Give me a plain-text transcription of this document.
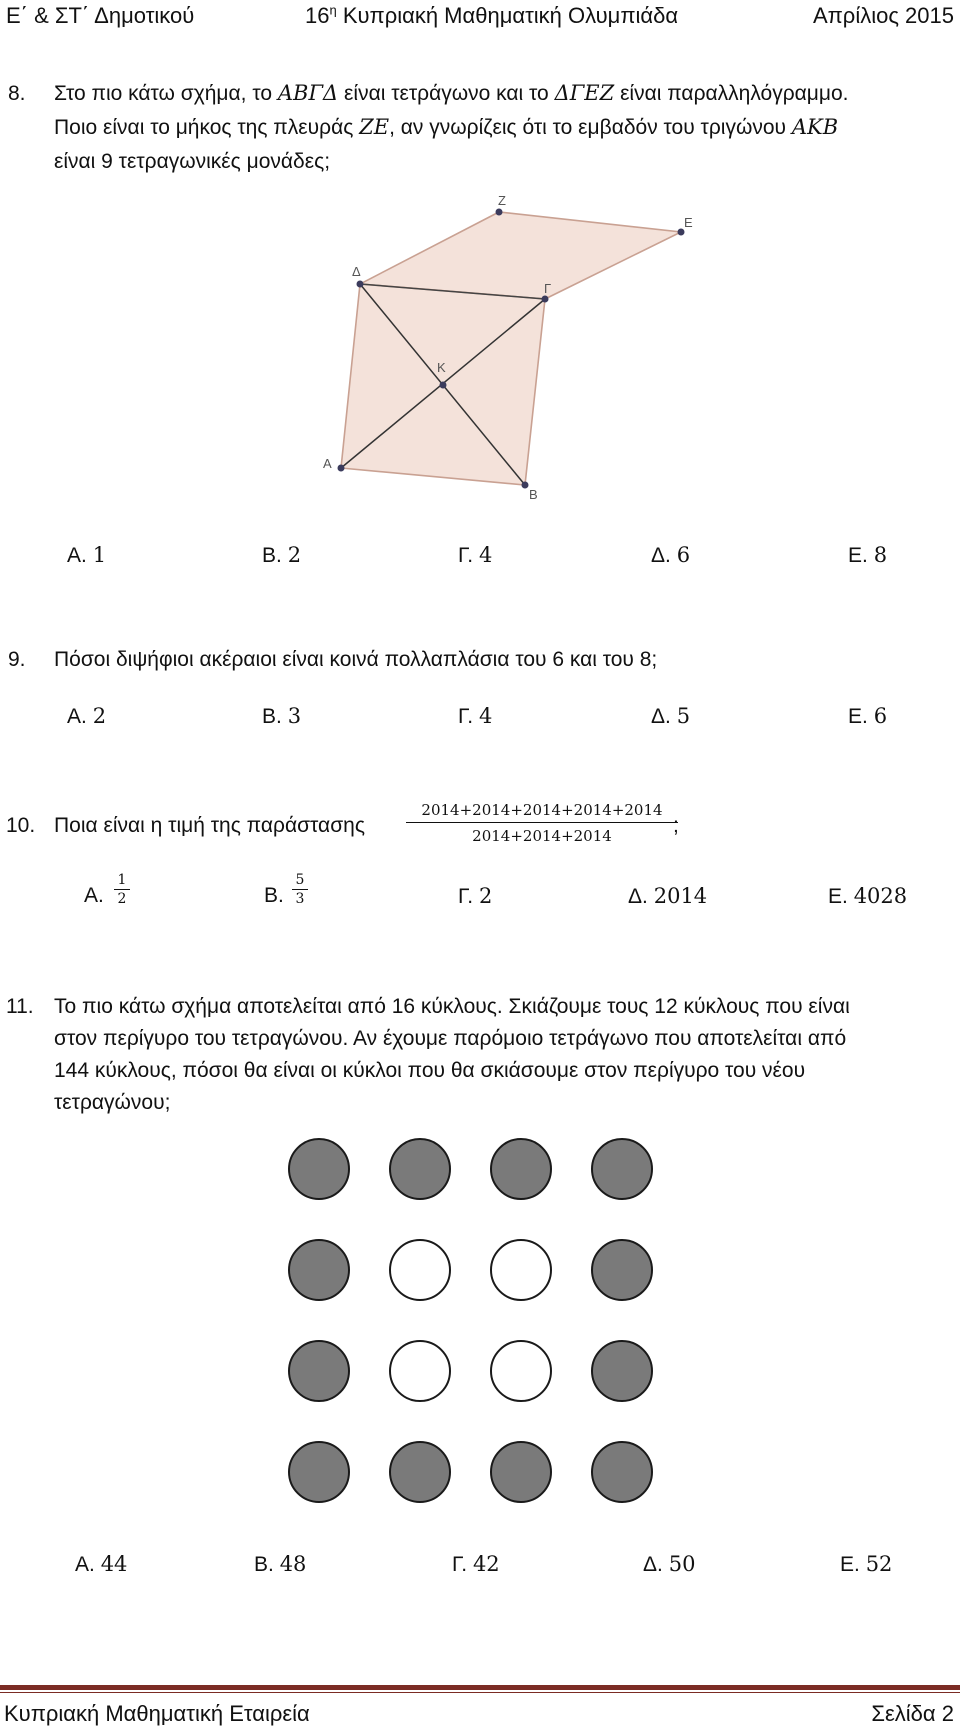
Ε΄ & ΣΤ΄ Δημοτικού	$16^\eta$ Κυπριακή Μαθηματική Ολυμπιάδα	Απρίλιος 2015
8. Στο πιο κάτω σχήμα, το ΑΒΓΔ είναι τετράγωνο και το ΔΓΕΖ είναι παραλληλόγραμμο.
Ποιο είναι το μήκος της πλευράς ΖΕ, αν γνωρίζεις ότι το εμβαδόν του τριγώνου ΑΚΒ
είναι 9 τετραγωνικές μονάδες;
Ζ
Ε
Δ
Γ
Κ
Α
Β
Α. 1	Β. 2	Γ. 4	Δ. 6	Ε. 8
9. Πόσοι διψήφιοι ακέραιοι είναι κοινά πολλαπλάσια του 6 και του 8;
Α. 2	Β. 3	Γ. 4	Δ. 5	Ε. 6
10. Ποια είναι η τιμή της παράστασης	$\frac{2014+2014+2014+2014+2014}{2014+2014+2014}$
;
Α. $\frac{1}{2}$	Β. $\frac{5}{3}$	Γ. 2	Δ. 2014	Ε. 4028
11. Το πιο κάτω σχήμα αποτελείται από 16 κύκλους. Σκιάζουμε τους 12 κύκλους που είναι
στον περίγυρο του τετραγώνου. Αν έχουμε παρόμοιο τετράγωνο που αποτελείται από
144 κύκλους, πόσοι θα είναι οι κύκλοι που θα σκιάσουμε στον περίγυρο του νέου
τετραγώνου;
Α. 44	Β. 48	Γ. 42	Δ. 50	Ε. 52
Κυπριακή Μαθηματική Εταιρεία	Σελίδα 2
